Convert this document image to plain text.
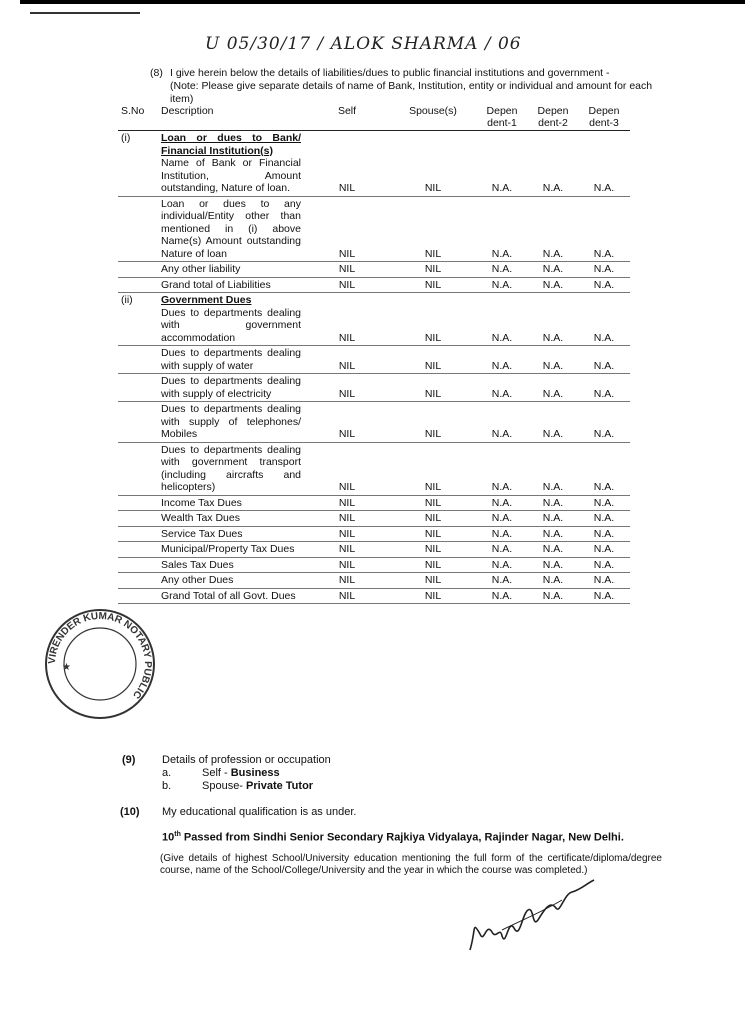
U 05/30/17 / ALOK SHARMA / 06
(8) I give herein below the details of liabilities/dues to public financial institutions and government -
(Note: Please give separate details of name of Bank, Institution, entity or individual and amount for each item)
S.No	Description	Self	Spouse(s)	Depen dent-1	Depen dent-2	Depen dent-3
(i)	Loan or dues to Bank/ Financial Institution(s)
Name of Bank or Financial Institution, Amount outstanding, Nature of loan.	NIL	NIL	N.A.	N.A.	N.A.

	Loan or dues to any individual/Entity other than mentioned in (i) above Name(s) Amount outstanding Nature of loan	NIL	NIL	N.A.	N.A.	N.A.

	Any other liability	NIL	NIL	N.A.	N.A.	N.A.

	Grand total of Liabilities	NIL	NIL	N.A.	N.A.	N.A.
(ii)	Government Dues
Dues to departments dealing with government accommodation	NIL	NIL	N.A.	N.A.	N.A.

	Dues to departments dealing with supply of water	NIL	NIL	N.A.	N.A.	N.A.

	Dues to departments dealing with supply of electricity	NIL	NIL	N.A.	N.A.	N.A.

	Dues to departments dealing with supply of telephones/ Mobiles	NIL	NIL	N.A.	N.A.	N.A.

	Dues to departments dealing with government transport (including aircrafts and helicopters)	NIL	NIL	N.A.	N.A.	N.A.

	Income Tax Dues	NIL	NIL	N.A.	N.A.	N.A.

	Wealth Tax Dues	NIL	NIL	N.A.	N.A.	N.A.

	Service Tax Dues	NIL	NIL	N.A.	N.A.	N.A.

	Municipal/Property Tax Dues	NIL	NIL	N.A.	N.A.	N.A.

	Sales Tax Dues	NIL	NIL	N.A.	N.A.	N.A.

	Any other Dues	NIL	NIL	N.A.	N.A.	N.A.

	Grand Total of all Govt. Dues	NIL	NIL	N.A.	N.A.	N.A.
VIRENDER KUMAR NOTARY PUBLIC
★
(9) Details of profession or occupation
a.	Self - Business
b.	Spouse- Private Tutor
(10) My educational qualification is as under.
10th Passed from Sindhi Senior Secondary Rajkiya Vidyalaya, Rajinder Nagar, New Delhi.
(Give details of highest School/University education mentioning the full form of the certificate/diploma/degree course, name of the School/College/University and the year in which the course was completed.)
